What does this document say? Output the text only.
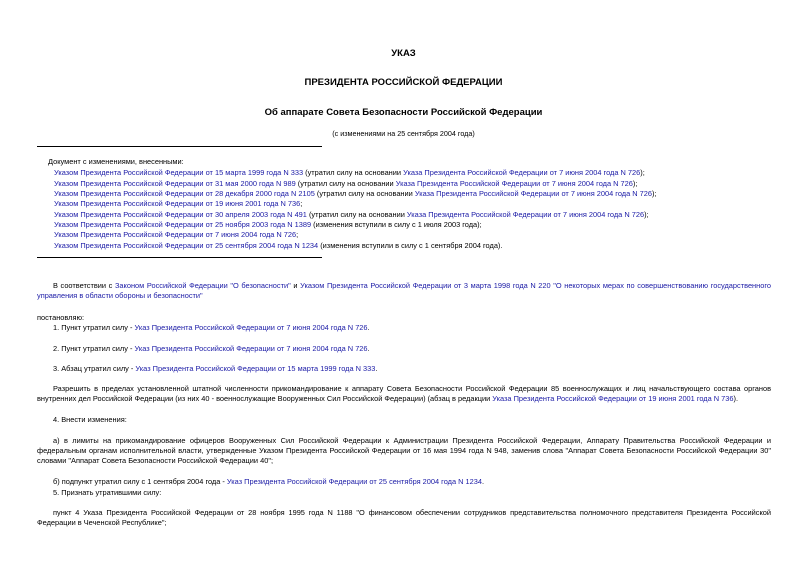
УКАЗ
ПРЕЗИДЕНТА РОССИЙСКОЙ ФЕДЕРАЦИИ
Об аппарате Совета Безопасности Российской Федерации
(с изменениями на 25 сентября 2004 года)
Документ с изменениями, внесенными:
Указом Президента Российской Федерации от 15 марта 1999 года N 333 (утратил силу на основании Указа Президента Российской Федерации от 7 июня 2004 года N 726);
Указом Президента Российской Федерации от 31 мая 2000 года N 989 (утратил силу на основании Указа Президента Российской Федерации от 7 июня 2004 года N 726);
Указом Президента Российской Федерации от 28 декабря 2000 года N 2105 (утратил силу на основании Указа Президента Российской Федерации от 7 июня 2004 года N 726);
Указом Президента Российской Федерации от 19 июня 2001 года N 736;
Указом Президента Российской Федерации от 30 апреля 2003 года N 491 (утратил силу на основании Указа Президента Российской Федерации от 7 июня 2004 года N 726);
Указом Президента Российской Федерации от 25 ноября 2003 года N 1389 (изменения вступили в силу с 1 июля 2003 года);
Указом Президента Российской Федерации от 7 июня 2004 года N 726;
Указом Президента Российской Федерации от 25 сентября 2004 года N 1234 (изменения вступили в силу с 1 сентября 2004 года).
В соответствии с Законом Российской Федерации "О безопасности" и Указом Президента Российской Федерации от 3 марта 1998 года N 220 "О некоторых мерах по совершенствованию государственного управления в области обороны и безопасности"
постановляю:
1. Пункт утратил силу - Указ Президента Российской Федерации от 7 июня 2004 года N 726.
2. Пункт утратил силу - Указ Президента Российской Федерации от 7 июня 2004 года N 726.
3. Абзац утратил силу - Указ Президента Российской Федерации от 15 марта 1999 года N 333.
Разрешить в пределах установленной штатной численности прикомандирование к аппарату Совета Безопасности Российской Федерации 85 военнослужащих и лиц начальствующего состава органов внутренних дел Российской Федерации (из них 40 - военнослужащие Вооруженных Сил Российской Федерации) (абзац в редакции Указа Президента Российской Федерации от 19 июня 2001 года N 736).
4. Внести изменения:
а) в лимиты на прикомандирование офицеров Вооруженных Сил Российской Федерации к Администрации Президента Российской Федерации, Аппарату Правительства Российской Федерации и федеральным органам исполнительной власти, утвержденные Указом Президента Российской Федерации от 16 мая 1994 года N 948, заменив слова "Аппарат Совета Безопасности Российской Федерации 30" словами "Аппарат Совета Безопасности Российской Федерации 40";
б) подпункт утратил силу с 1 сентября 2004 года - Указ Президента Российской Федерации от 25 сентября 2004 года N 1234.
5. Признать утратившими силу:
пункт 4 Указа Президента Российской Федерации от 28 ноября 1995 года N 1188 "О финансовом обеспечении сотрудников представительства полномочного представителя Президента Российской Федерации в Чеченской Республике";
